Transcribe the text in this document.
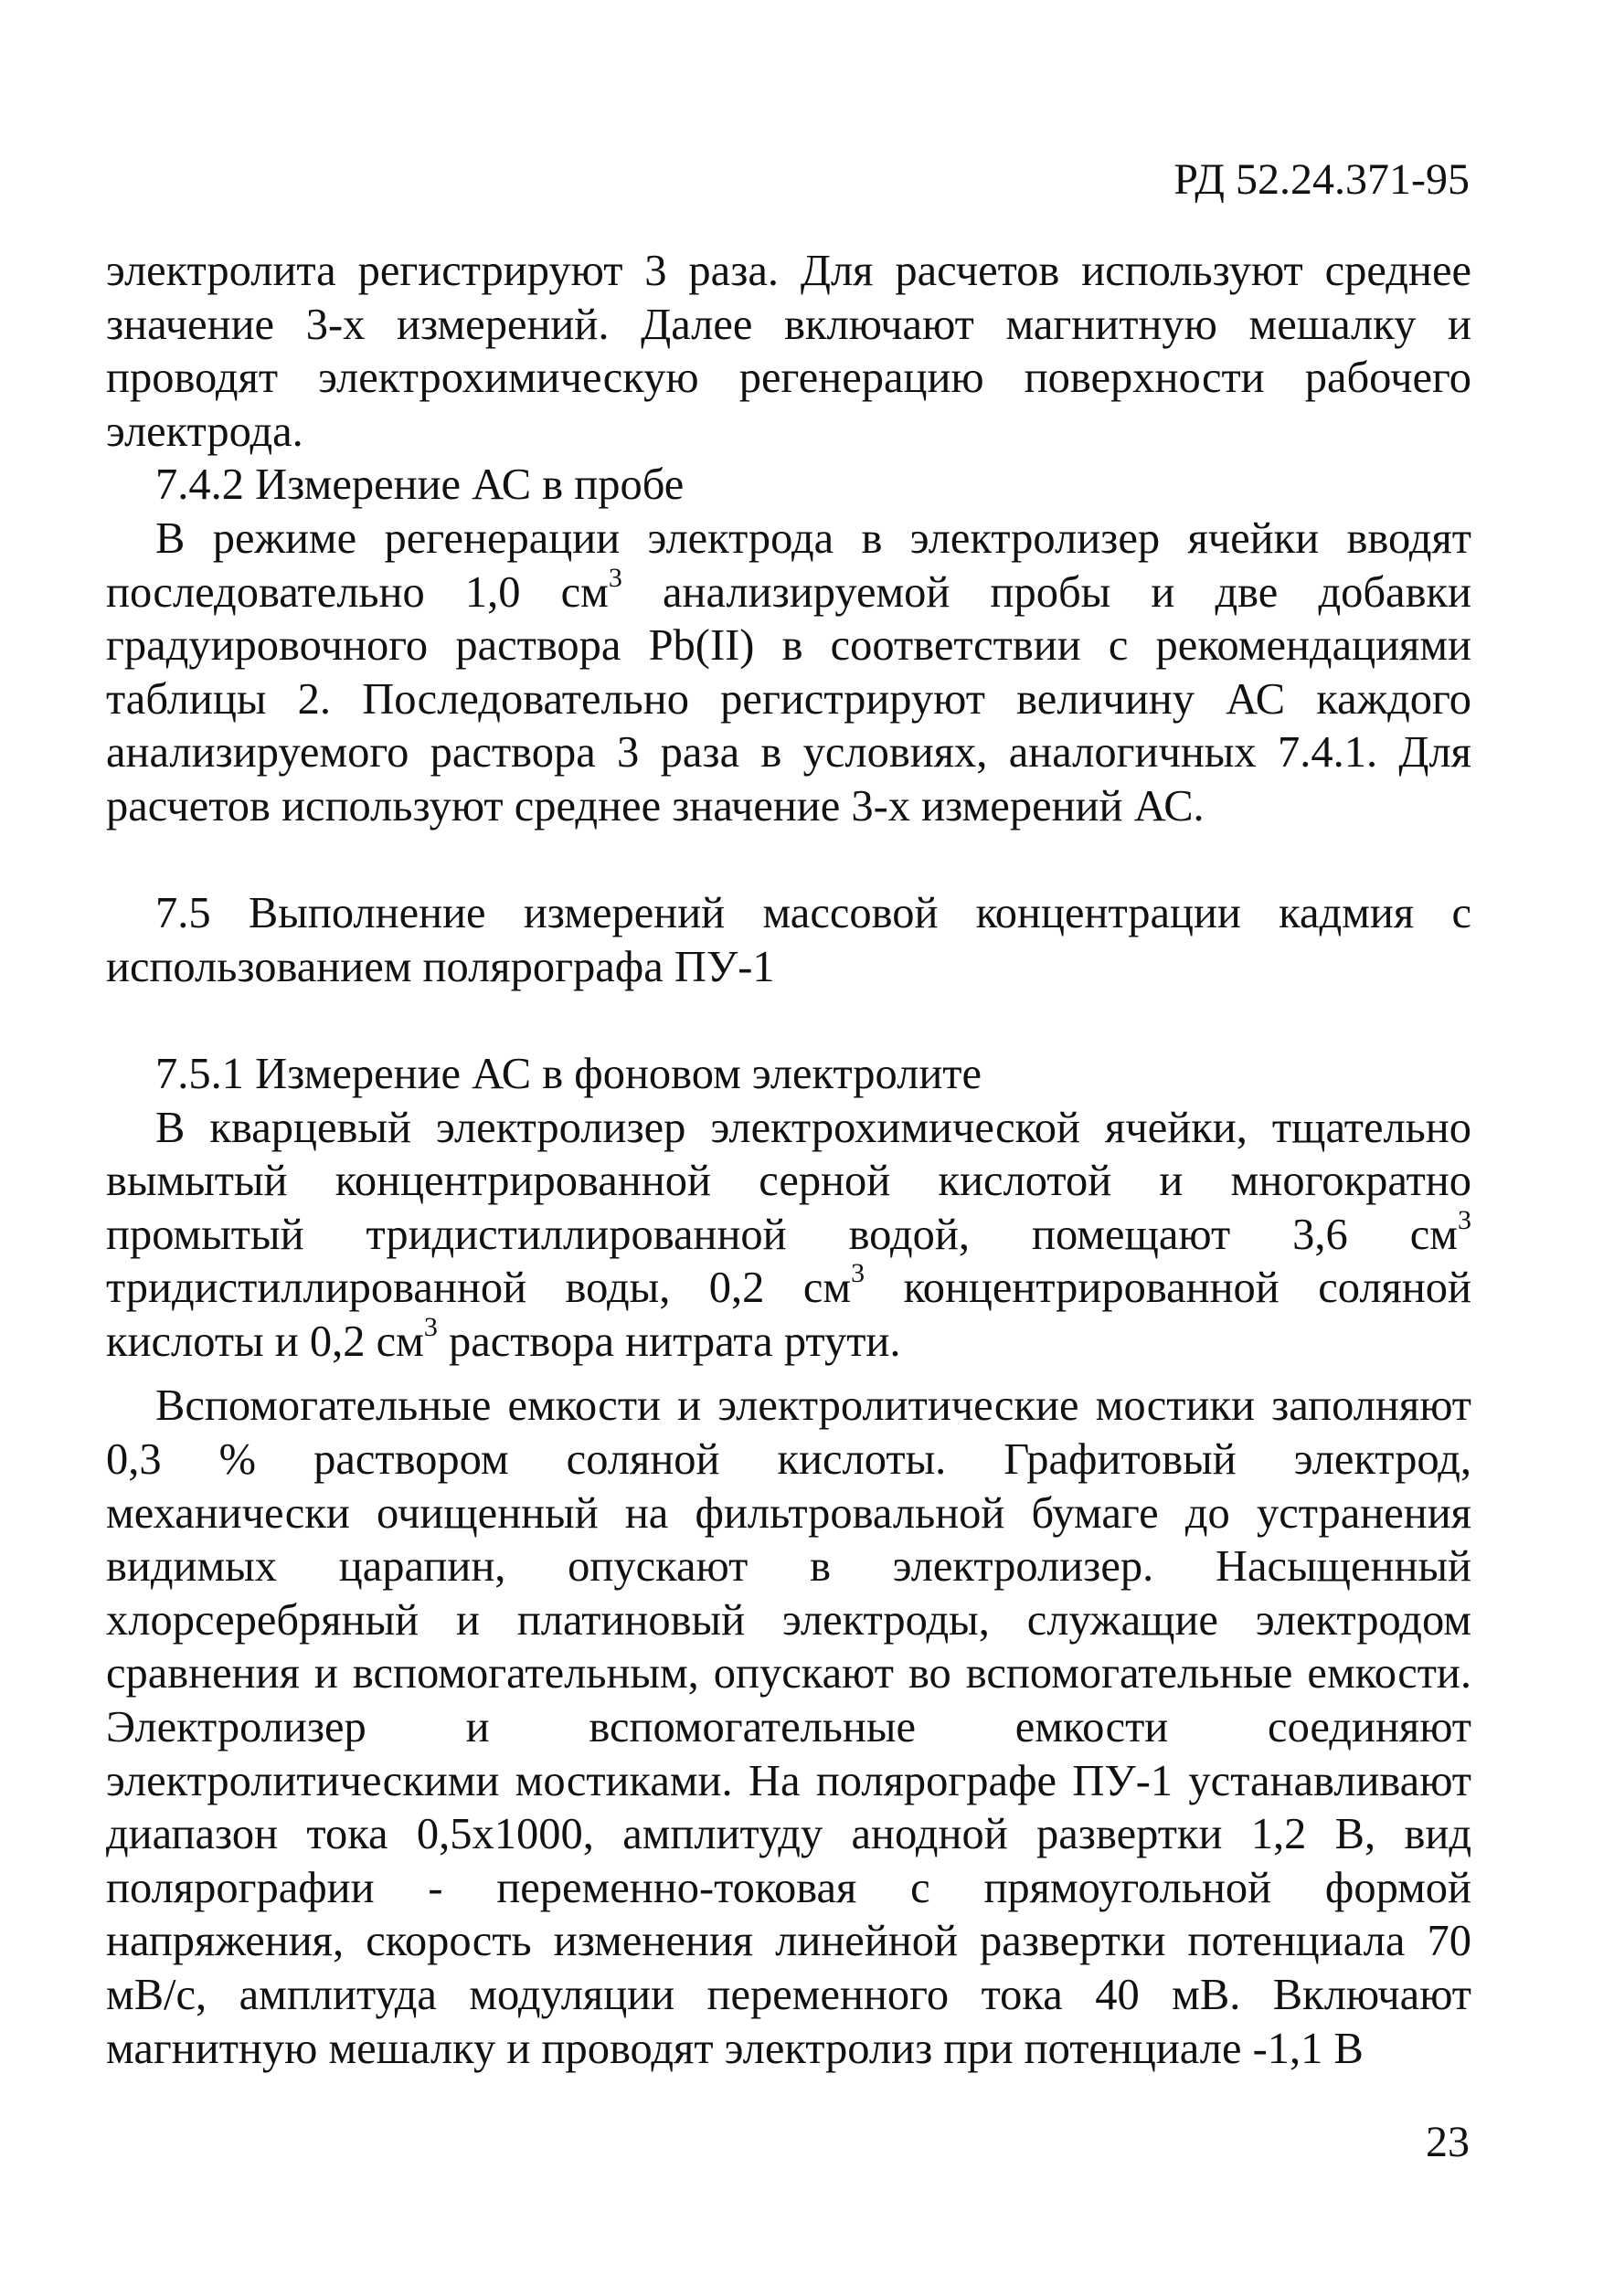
РД 52.24.371-95
электролита регистрируют 3 раза. Для расчетов используют среднее
значение 3-х измерений. Далее включают магнитную мешалку и
проводят электрохимическую регенерацию поверхности рабочего
электрода.
7.4.2 Измерение АС в пробе
В режиме регенерации электрода в электролизер ячейки вводят
последовательно 1,0 $см^3$ анализируемой пробы и две добавки
градуировочного раствора Pb(II) в соответствии с рекомендациями
таблицы 2. Последовательно регистрируют величину АС каждого
анализируемого раствора 3 раза в условиях, аналогичных 7.4.1. Для
расчетов используют среднее значение 3-х измерений АС.
7.5 Выполнение измерений массовой концентрации кадмия с
использованием полярографа ПУ-1
7.5.1 Измерение АС в фоновом электролите
В кварцевый электролизер электрохимической ячейки, тщательно
вымытый концентрированной серной кислотой и многократно
промытый тридистиллированной водой, помещают 3,6 $см^3$
тридистиллированной воды, 0,2 $см^3$ концентрированной соляной
кислоты и 0,2 $см^3$ раствора нитрата ртути.
Вспомогательные емкости и электролитические мостики заполняют
0,3 % раствором соляной кислоты. Графитовый электрод,
механически очищенный на фильтровальной бумаге до устранения
видимых царапин, опускают в электролизер. Насыщенный
хлорсеребряный и платиновый электроды, служащие электродом
сравнения и вспомогательным, опускают во вспомогательные емкости.
Электролизер и вспомогательные емкости соединяют
электролитическими мостиками. На полярографе ПУ-1 устанавливают
диапазон тока 0,5х1000, амплитуду анодной развертки 1,2 В, вид
полярографии - переменно-токовая с прямоугольной формой
напряжения, скорость изменения линейной развертки потенциала 70
мВ/с, амплитуда модуляции переменного тока 40 мВ. Включают
магнитную мешалку и проводят электролиз при потенциале -1,1 В
23
